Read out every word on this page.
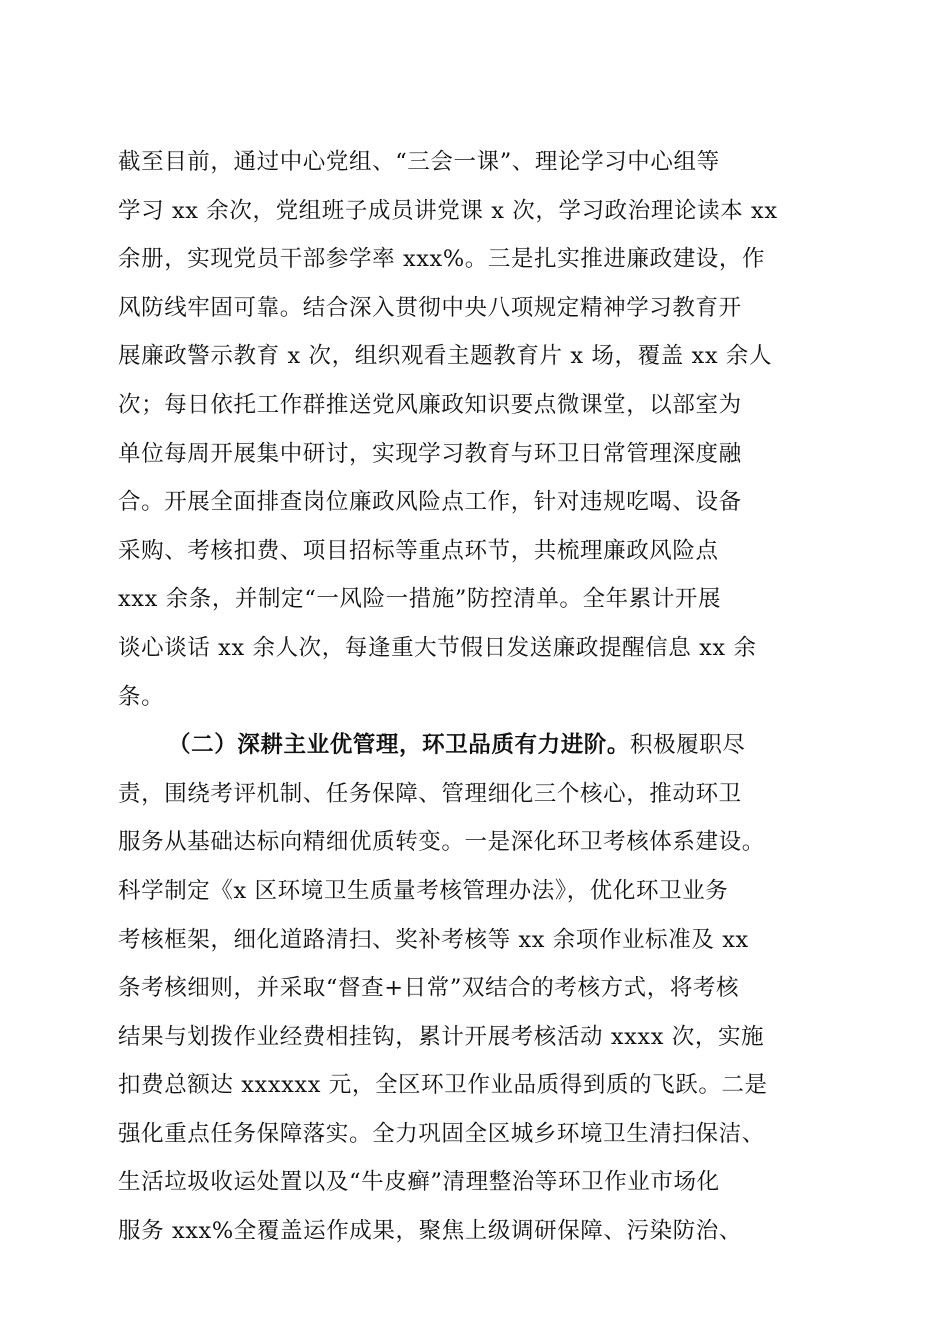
截至目前，通过中心党组、“三会一课”、理论学习中心组等
学习 xx 余次，党组班子成员讲党课 x 次，学习政治理论读本 xx
余册，实现党员干部参学率 xxx%。三是扎实推进廉政建设，作
风防线牢固可靠。结合深入贯彻中央八项规定精神学习教育开
展廉政警示教育 x 次，组织观看主题教育片 x 场，覆盖 xx 余人
次；每日依托工作群推送党风廉政知识要点微课堂，以部室为
单位每周开展集中研讨，实现学习教育与环卫日常管理深度融
合。开展全面排查岗位廉政风险点工作，针对违规吃喝、设备
采购、考核扣费、项目招标等重点环节，共梳理廉政风险点
xxx 余条，并制定“一风险一措施”防控清单。全年累计开展
谈心谈话 xx 余人次，每逢重大节假日发送廉政提醒信息 xx 余
条。
（二）深耕主业优管理，环卫品质有力进阶。积极履职尽
责，围绕考评机制、任务保障、管理细化三个核心，推动环卫
服务从基础达标向精细优质转变。一是深化环卫考核体系建设。
科学制定《x 区环境卫生质量考核管理办法》，优化环卫业务
考核框架，细化道路清扫、奖补考核等 xx 余项作业标准及 xx
条考核细则，并采取“督查+日常”双结合的考核方式，将考核
结果与划拨作业经费相挂钩，累计开展考核活动 xxxx 次，实施
扣费总额达 xxxxxx 元，全区环卫作业品质得到质的飞跃。二是
强化重点任务保障落实。全力巩固全区城乡环境卫生清扫保洁、
生活垃圾收运处置以及“牛皮癣”清理整治等环卫作业市场化
服务 xxx%全覆盖运作成果，聚焦上级调研保障、污染防治、
